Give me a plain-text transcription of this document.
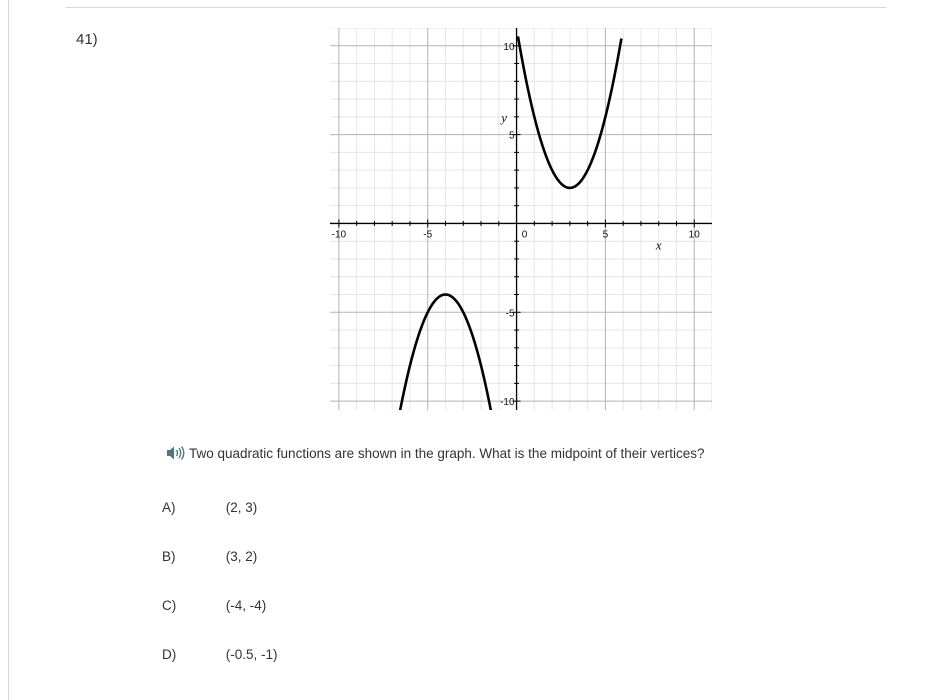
41)
-10	-5	0	5	10
10
5
-5
-10
x
y
Two quadratic functions are shown in the graph. What is the midpoint of their vertices?
A)	(2, 3)
B)	(3, 2)
C)	(-4, -4)
D)	(-0.5, -1)
